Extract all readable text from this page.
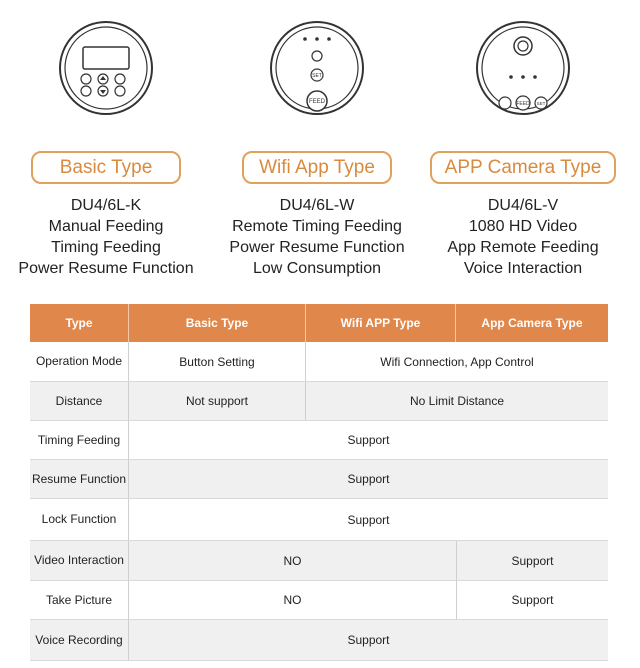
Basic Type
DU4/6L-K
Manual Feeding
Timing Feeding
Power Resume Function
SET
FEED
Wifi App Type
DU4/6L-W
Remote Timing Feeding
Power Resume Function
Low Consumption
FEED SET
APP Camera Type
DU4/6L-V
1080 HD Video
App Remote Feeding
Voice Interaction
Type	Basic Type	Wifi APP Type	App Camera Type
Operation Mode	Button Setting	Wifi Connection, App Control
Distance	Not support	No Limit Distance
Timing Feeding	Support
Resume Function	Support
Lock Function	Support
Video Interaction	NO	Support
Take Picture	NO	Support
Voice Recording	Support
